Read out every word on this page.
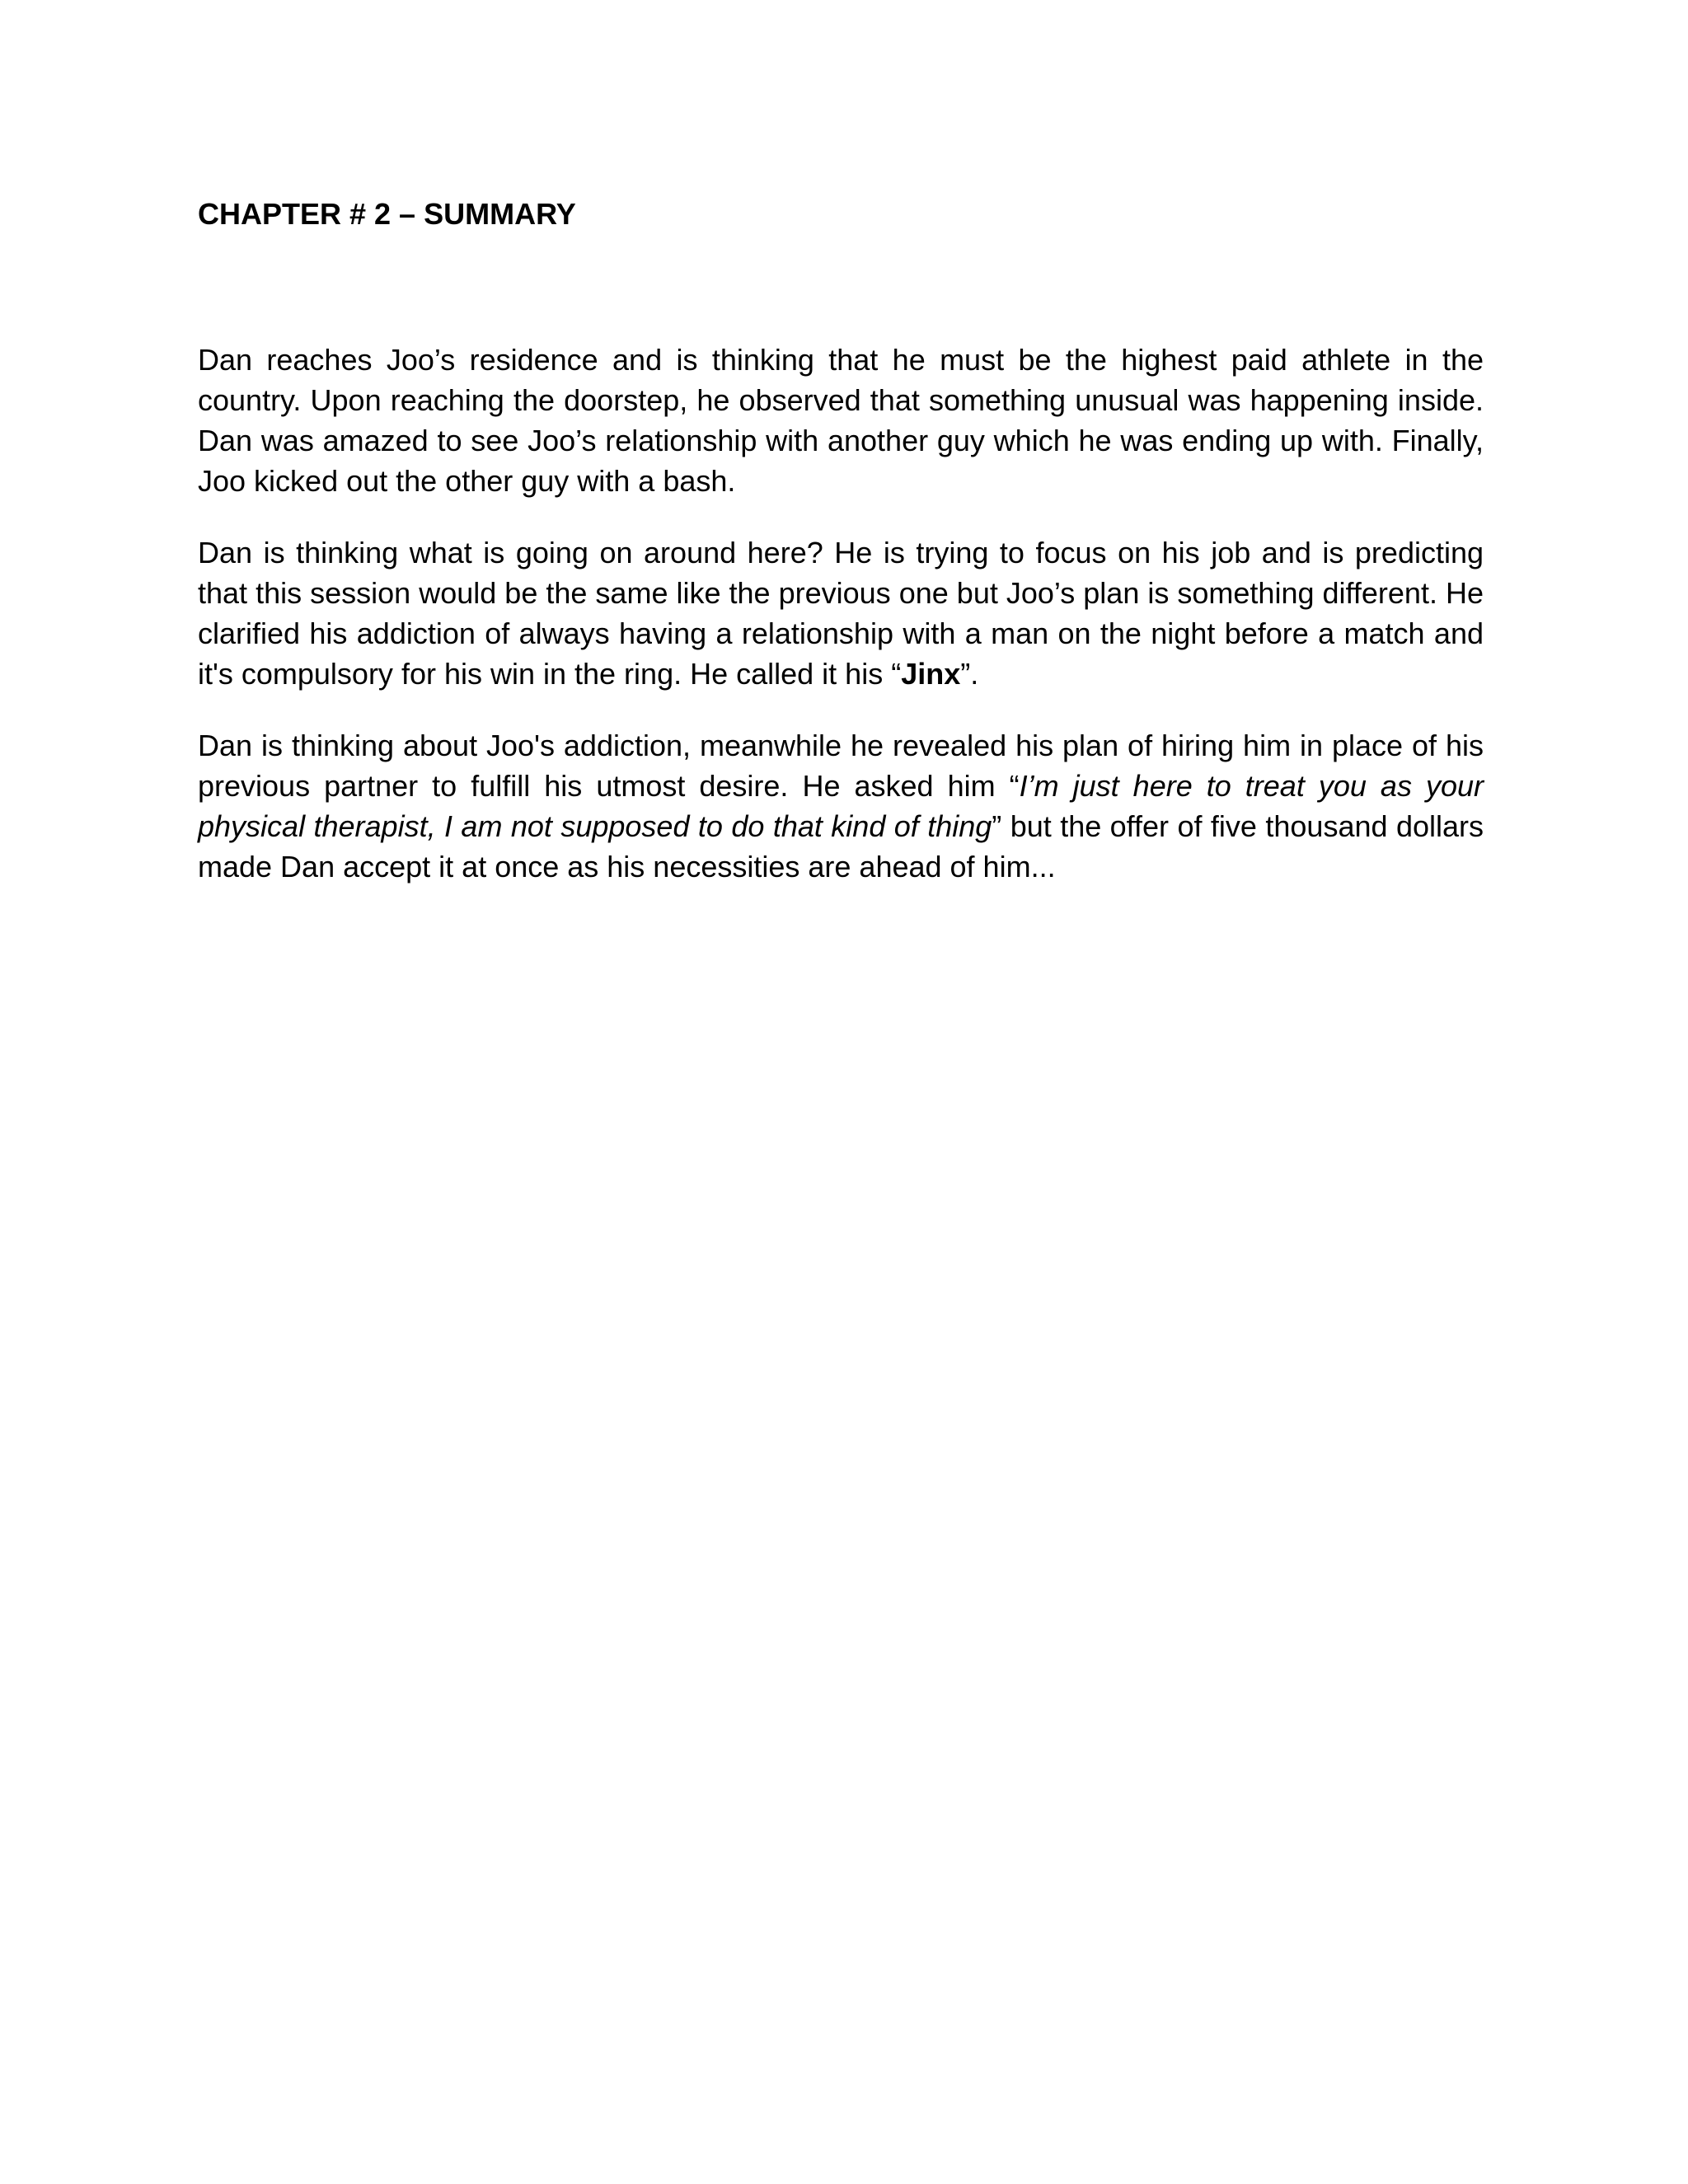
CHAPTER # 2 – SUMMARY

Dan reaches Joo’s residence and is thinking that he must be the highest paid athlete in the country. Upon reaching the doorstep, he observed that something unusual was happening inside. Dan was amazed to see Joo’s relationship with another guy which he was ending up with. Finally, Joo kicked out the other guy with a bash.

Dan is thinking what is going on around here? He is trying to focus on his job and is predicting that this session would be the same like the previous one but Joo’s plan is something different. He clarified his addiction of always having a relationship with a man on the night before a match and it's compulsory for his win in the ring. He called it his “Jinx”.

Dan is thinking about Joo's addiction, meanwhile he revealed his plan of hiring him in place of his previous partner to fulfill his utmost desire. He asked him “I’m just here to treat you as your physical therapist, I am not supposed to do that kind of thing” but the offer of five thousand dollars made Dan accept it at once as his necessities are ahead of him...
